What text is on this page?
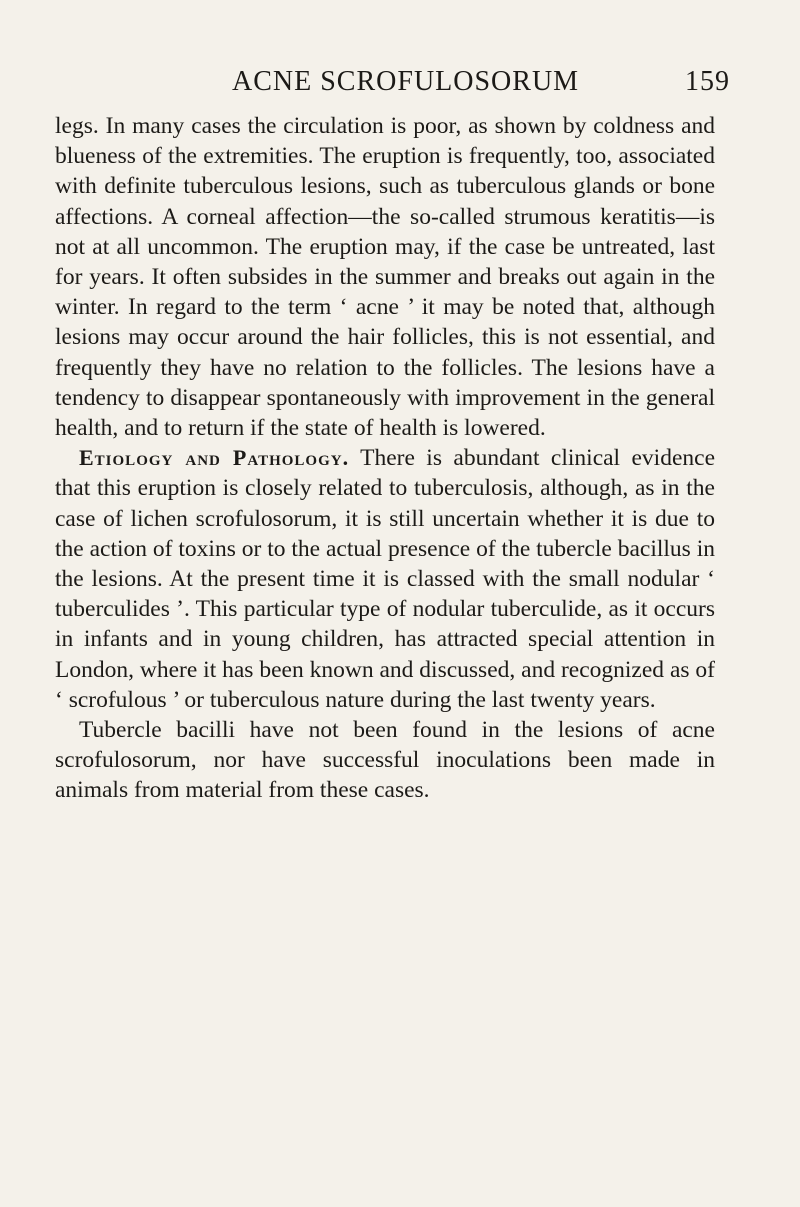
ACNE SCROFULOSORUM	159

legs. In many cases the circulation is poor, as shown by coldness and blueness of the extremities. The eruption is frequently, too, associated with definite tuberculous lesions, such as tuberculous glands or bone affections. A corneal affection—the so-called strumous keratitis—is not at all uncommon. The eruption may, if the case be untreated, last for years. It often subsides in the summer and breaks out again in the winter. In regard to the term ‘ acne ’ it may be noted that, although lesions may occur around the hair follicles, this is not essential, and frequently they have no relation to the follicles. The lesions have a tendency to disappear spontaneously with improvement in the general health, and to return if the state of health is lowered.

Etiology and Pathology. There is abundant clinical evidence that this eruption is closely related to tuberculosis, although, as in the case of lichen scrofulosorum, it is still uncertain whether it is due to the action of toxins or to the actual presence of the tubercle bacillus in the lesions. At the present time it is classed with the small nodular ‘ tuberculides ’. This particular type of nodular tuberculide, as it occurs in infants and in young children, has attracted special attention in London, where it has been known and discussed, and recognized as of ‘ scrofulous ’ or tuberculous nature during the last twenty years.

Tubercle bacilli have not been found in the lesions of acne scrofulosorum, nor have successful inoculations been made in animals from material from these cases.
